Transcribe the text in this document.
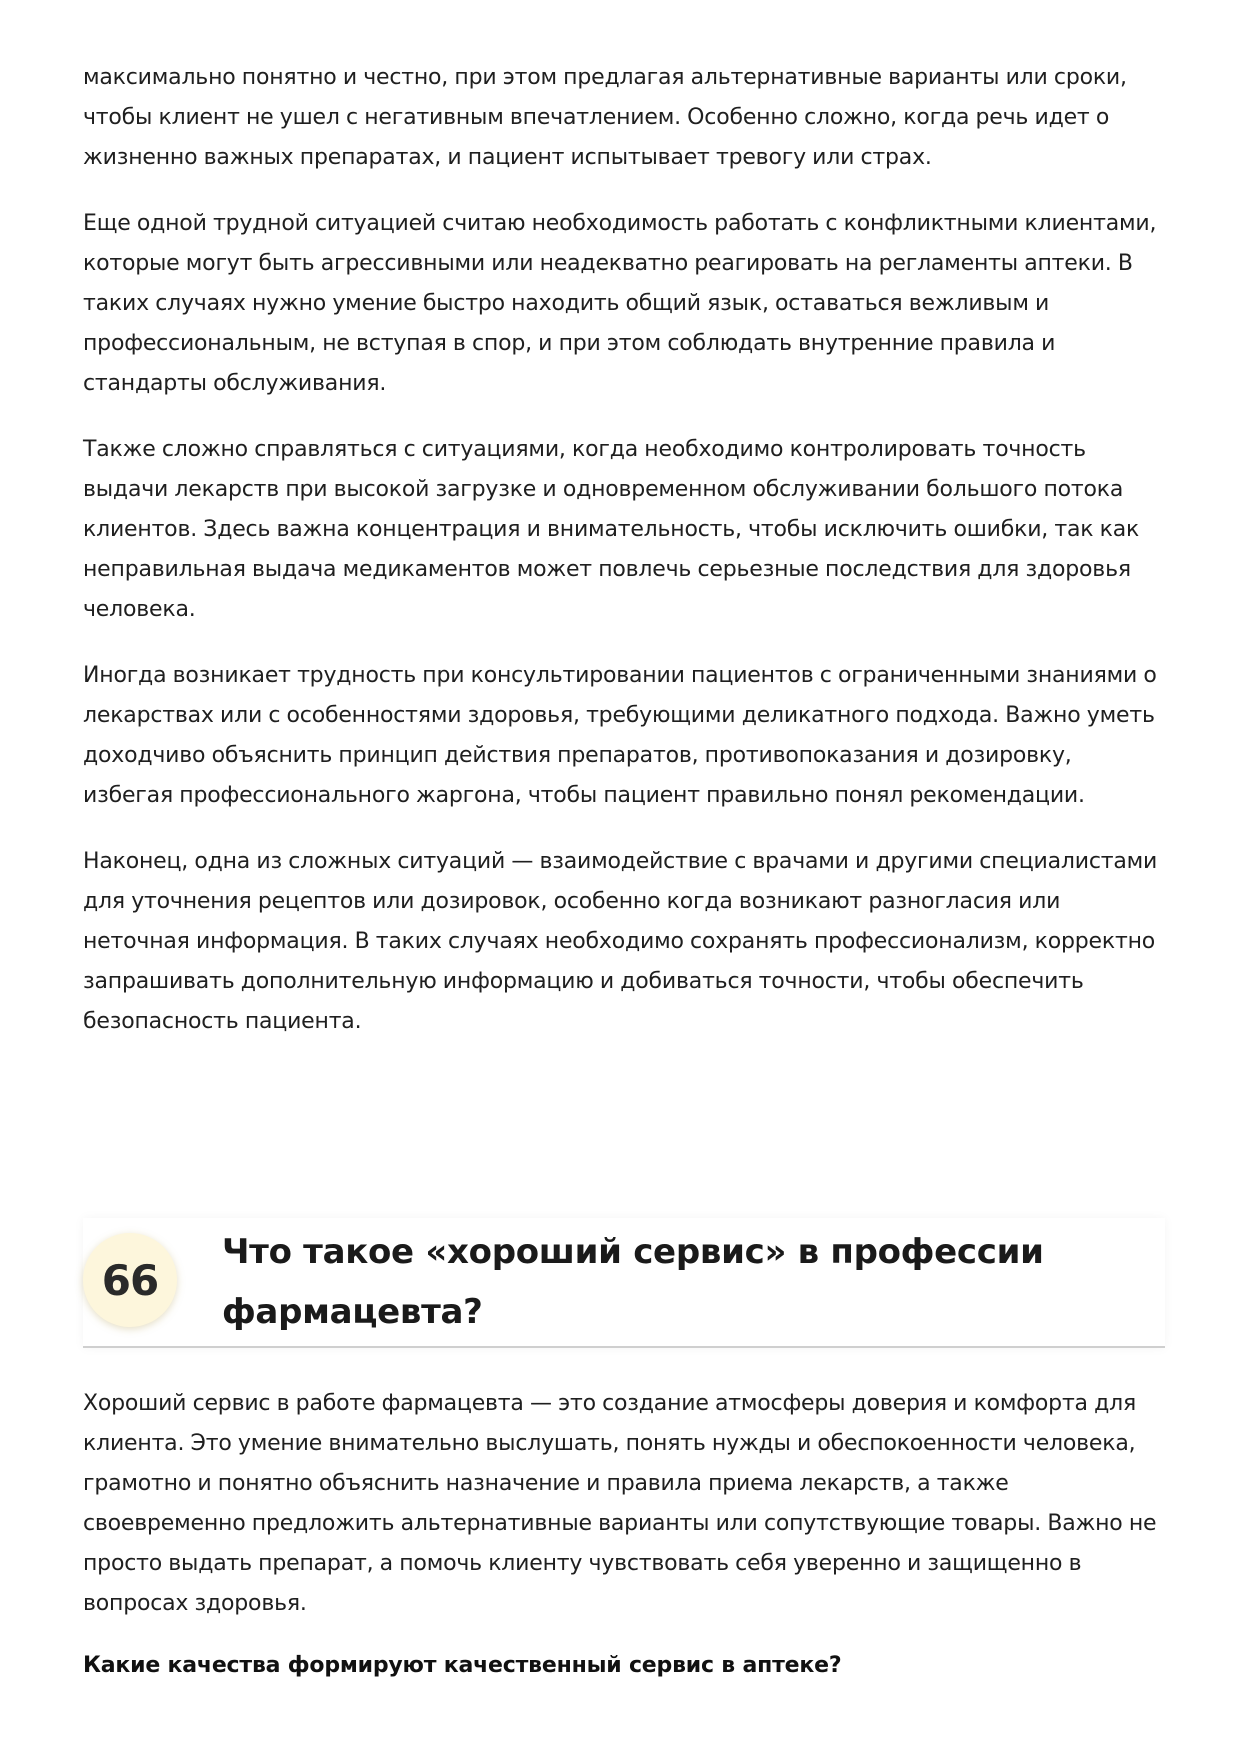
максимально понятно и честно, при этом предлагая альтернативные варианты или сроки, чтобы клиент не ушел с негативным впечатлением. Особенно сложно, когда речь идет о жизненно важных препаратах, и пациент испытывает тревогу или страх.

Еще одной трудной ситуацией считаю необходимость работать с конфликтными клиентами, которые могут быть агрессивными или неадекватно реагировать на регламенты аптеки. В таких случаях нужно умение быстро находить общий язык, оставаться вежливым и профессиональным, не вступая в спор, и при этом соблюдать внутренние правила и стандарты обслуживания.

Также сложно справляться с ситуациями, когда необходимо контролировать точность выдачи лекарств при высокой загрузке и одновременном обслуживании большого потока клиентов. Здесь важна концентрация и внимательность, чтобы исключить ошибки, так как неправильная выдача медикаментов может повлечь серьезные последствия для здоровья человека.

Иногда возникает трудность при консультировании пациентов с ограниченными знаниями о лекарствах или с особенностями здоровья, требующими деликатного подхода. Важно уметь доходчиво объяснить принцип действия препаратов, противопоказания и дозировку, избегая профессионального жаргона, чтобы пациент правильно понял рекомендации.

Наконец, одна из сложных ситуаций — взаимодействие с врачами и другими специалистами для уточнения рецептов или дозировок, особенно когда возникают разногласия или неточная информация. В таких случаях необходимо сохранять профессионализм, корректно запрашивать дополнительную информацию и добиваться точности, чтобы обеспечить безопасность пациента.

66
Что такое «хороший сервис» в профессии фармацевта?

Хороший сервис в работе фармацевта — это создание атмосферы доверия и комфорта для клиента. Это умение внимательно выслушать, понять нужды и обеспокоенности человека, грамотно и понятно объяснить назначение и правила приема лекарств, а также своевременно предложить альтернативные варианты или сопутствующие товары. Важно не просто выдать препарат, а помочь клиенту чувствовать себя уверенно и защищенно в вопросах здоровья.

Какие качества формируют качественный сервис в аптеке?
